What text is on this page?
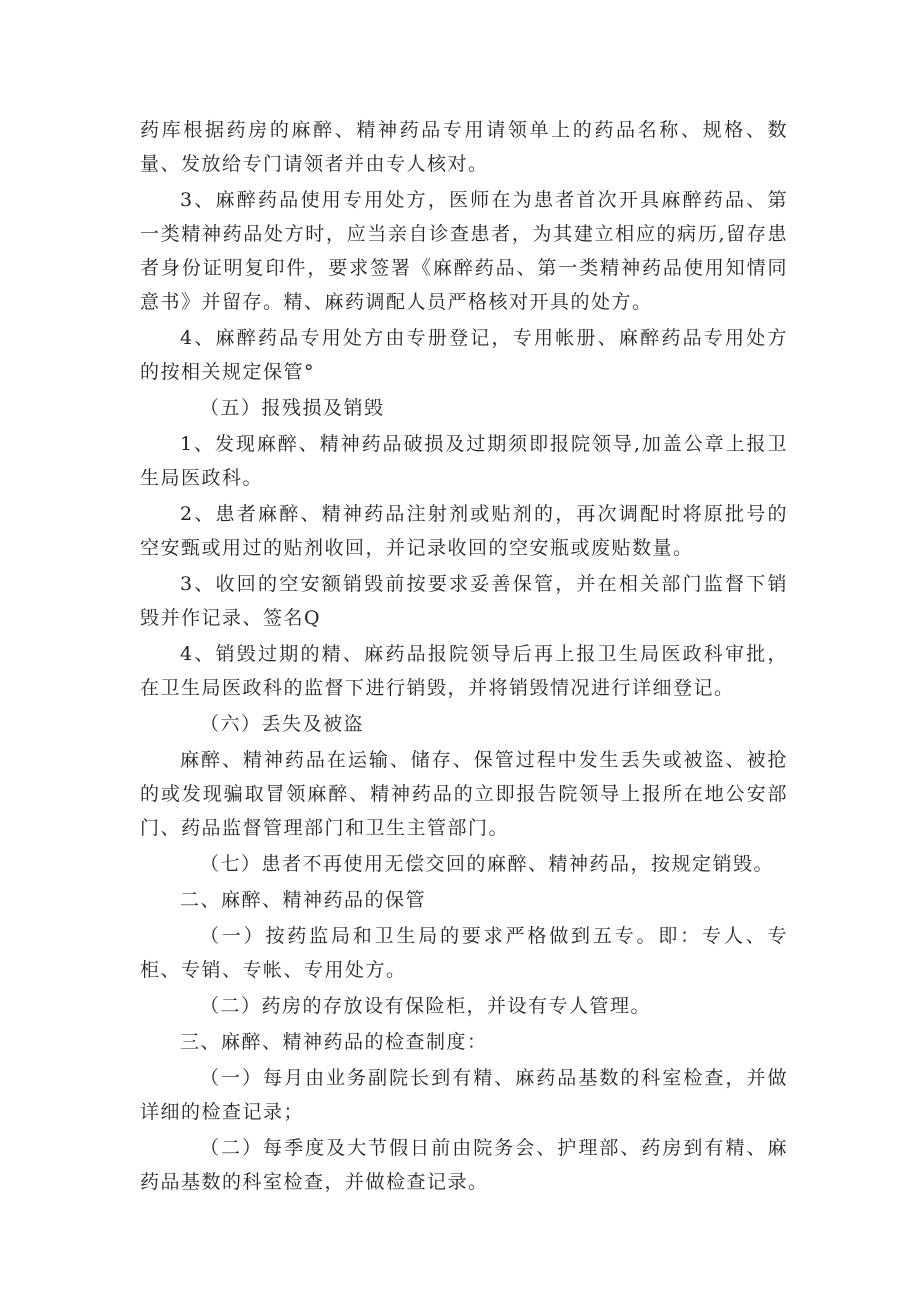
药库根据药房的麻醉、精神药品专用请领单上的药品名称、规格、数量、发放给专门请领者并由专人核对。

3、麻醉药品使用专用处方，医师在为患者首次开具麻醉药品、第一类精神药品处方时，应当亲自诊查患者，为其建立相应的病历,留存患者身份证明复印件，要求签署《麻醉药品、第一类精神药品使用知情同意书》并留存。精、麻药调配人员严格核对开具的处方。

4、麻醉药品专用处方由专册登记，专用帐册、麻醉药品专用处方的按相关规定保管°

（五）报残损及销毁

1、发现麻醉、精神药品破损及过期须即报院领导,加盖公章上报卫生局医政科。

2、患者麻醉、精神药品注射剂或贴剂的，再次调配时将原批号的空安甄或用过的贴剂收回，并记录收回的空安瓶或废贴数量。

3、收回的空安额销毁前按要求妥善保管，并在相关部门监督下销毁并作记录、签名Q

4、销毁过期的精、麻药品报院领导后再上报卫生局医政科审批，在卫生局医政科的监督下进行销毁，并将销毁情况进行详细登记。

（六）丢失及被盗

麻醉、精神药品在运输、储存、保管过程中发生丢失或被盗、被抢的或发现骗取冒领麻醉、精神药品的立即报告院领导上报所在地公安部门、药品监督管理部门和卫生主管部门。

（七）患者不再使用无偿交回的麻醉、精神药品，按规定销毁。

二、麻醉、精神药品的保管

（一）按药监局和卫生局的要求严格做到五专。即：专人、专柜、专销、专帐、专用处方。

（二）药房的存放设有保险柜，并设有专人管理。

三、麻醉、精神药品的检查制度：

（一）每月由业务副院长到有精、麻药品基数的科室检查，并做详细的检查记录；

（二）每季度及大节假日前由院务会、护理部、药房到有精、麻药品基数的科室检查，并做检查记录。
